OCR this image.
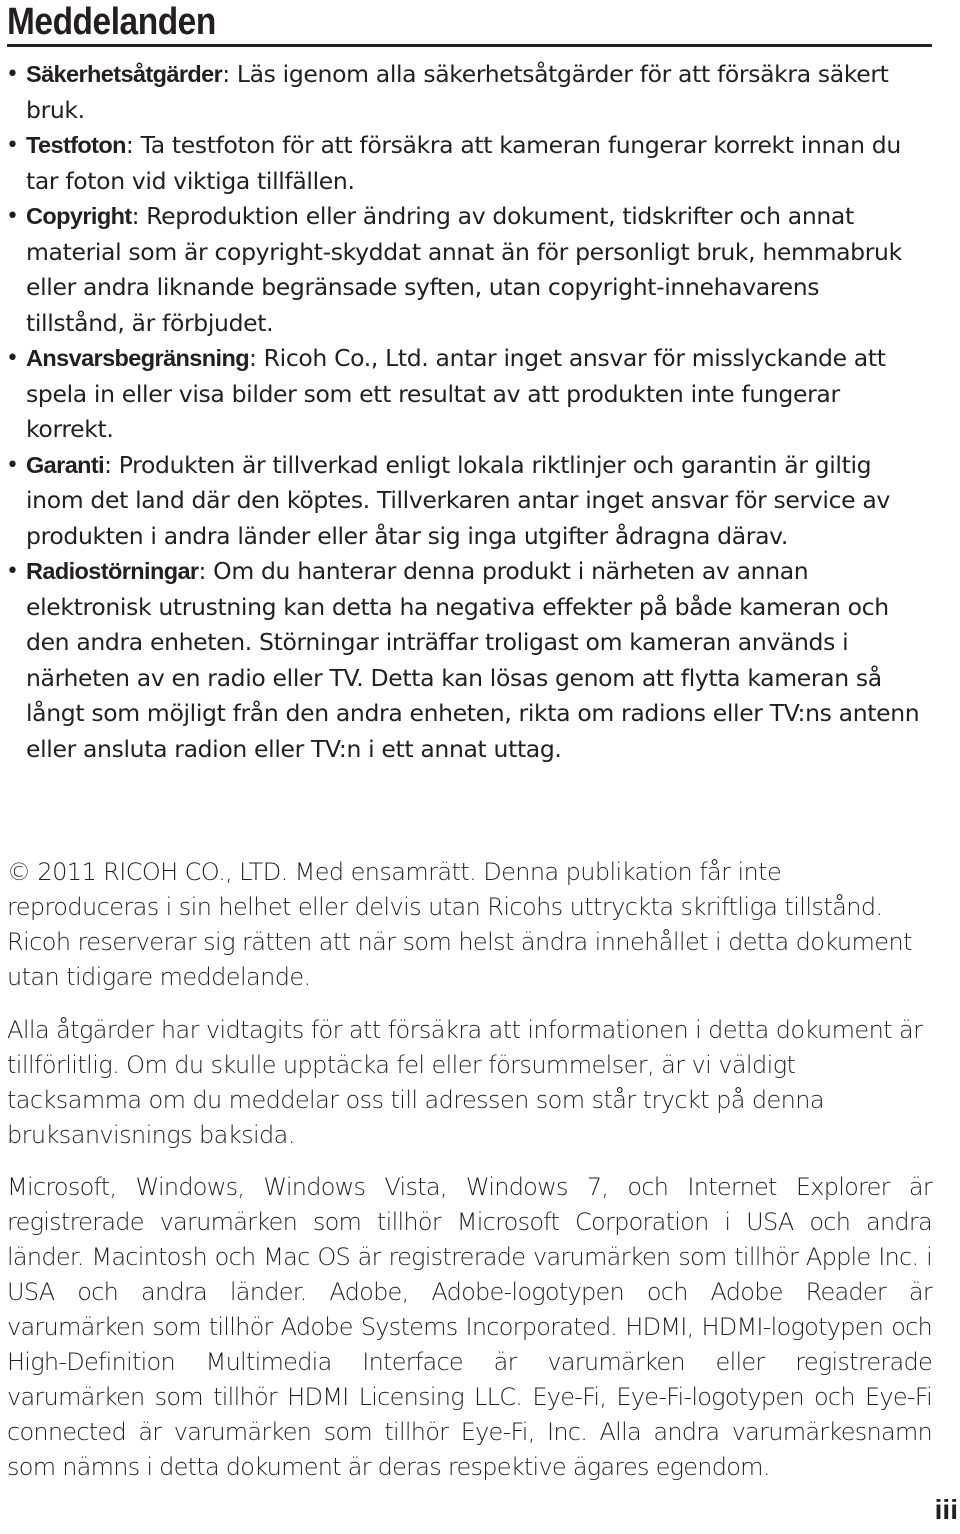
Meddelanden
• Säkerhetsåtgärder: Läs igenom alla säkerhetsåtgärder för att försäkra säkert bruk.
• Testfoton: Ta testfoton för att försäkra att kameran fungerar korrekt innan du tar foton vid viktiga tillfällen.
• Copyright: Reproduktion eller ändring av dokument, tidskrifter och annat material som är copyright-skyddat annat än för personligt bruk, hemmabruk eller andra liknande begränsade syften, utan copyright-innehavarens tillstånd, är förbjudet.
• Ansvarsbegränsning: Ricoh Co., Ltd. antar inget ansvar för misslyckande att spela in eller visa bilder som ett resultat av att produkten inte fungerar korrekt.
• Garanti: Produkten är tillverkad enligt lokala riktlinjer och garantin är giltig inom det land där den köptes. Tillverkaren antar inget ansvar för service av produkten i andra länder eller åtar sig inga utgifter ådragna därav.
• Radiostörningar: Om du hanterar denna produkt i närheten av annan elektronisk utrustning kan detta ha negativa effekter på både kameran och den andra enheten. Störningar inträffar troligast om kameran används i närheten av en radio eller TV. Detta kan lösas genom att flytta kameran så långt som möjligt från den andra enheten, rikta om radions eller TV:ns antenn eller ansluta radion eller TV:n i ett annat uttag.

© 2011 RICOH CO., LTD. Med ensamrätt. Denna publikation får inte reproduceras i sin helhet eller delvis utan Ricohs uttryckta skriftliga tillstånd. Ricoh reserverar sig rätten att när som helst ändra innehållet i detta dokument utan tidigare meddelande.

Alla åtgärder har vidtagits för att försäkra att informationen i detta dokument är tillförlitlig. Om du skulle upptäcka fel eller försummelser, är vi väldigt tacksamma om du meddelar oss till adressen som står tryckt på denna bruksanvisnings baksida.

Microsoft, Windows, Windows Vista, Windows 7, och Internet Explorer är registrerade varumärken som tillhör Microsoft Corporation i USA och andra länder. Macintosh och Mac OS är registrerade varumärken som tillhör Apple Inc. i USA och andra länder. Adobe, Adobe-logotypen och Adobe Reader är varumärken som tillhör Adobe Systems Incorporated. HDMI, HDMI-logotypen och High-Definition Multimedia Interface är varumärken eller registrerade varumärken som tillhör HDMI Licensing LLC. Eye-Fi, Eye-Fi-logotypen och Eye-Fi connected är varumärken som tillhör Eye-Fi, Inc. Alla andra varumärkesnamn som nämns i detta dokument är deras respektive ägares egendom.

iii
